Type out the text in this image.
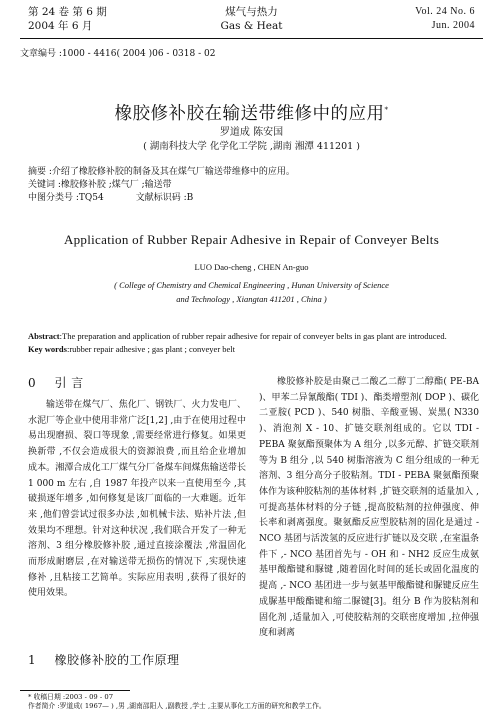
第 24 卷 第 6 期
2004 年 6 月
煤气与热力
Gas & Heat
Vol. 24 No. 6
Jun. 2004
文章编号 :1000 - 4416( 2004 )06 - 0318 - 02
橡胶修补胶在输送带维修中的应用*
罗道成 陈安国
( 湖南科技大学 化学化工学院 ,湖南 湘潭 411201 )
摘要 :介绍了橡胶修补胶的制备及其在煤气厂输送带维修中的应用。
关键词 :橡胶修补胶 ;煤气厂 ;输送带
中图分类号 :TQ54	文献标识码 :B
Application of Rubber Repair Adhesive in Repair of Conveyer Belts
LUO Dao-cheng , CHEN An-guo
( College of Chemistry and Chemical Engineering , Hunan University of Science
and Technology , Xiangtan 411201 , China )
Abstract:The preparation and application of rubber repair adhesive for repair of conveyer belts in gas plant are introduced.
Key words:rubber repair adhesive ; gas plant ; conveyer belt
0 引 言

输送带在煤气厂、焦化厂、钢铁厂、火力发电厂、水泥厂等企业中使用非常广泛[1,2] ,由于在使用过程中易出现磨损、裂口等现象 ,需要经常进行修复。如果更换新带 ,不仅会造成很大的资源浪费 ,而且给企业增加成本。湘潭合成化工厂煤气分厂备煤车间煤焦输送带长 1 000 m 左右 ,自 1987 年投产以来一直使用至今 ,其破损逐年增多 ,如何修复是该厂面临的一大难题。近年来 ,他们曾尝试过很多办法 ,如机械卡法、贴补片法 ,但效果均不理想。针对这种状况 ,我们联合开发了一种无溶剂、3 组分橡胶修补胶 ,通过直接涂覆法 ,常温固化而形成耐磨层 ,在对输送带无损伤的情况下 ,实现快速修补 ,且粘接工艺简单。实际应用表明 ,获得了很好的使用效果。

1 橡胶修补胶的工作原理

橡胶修补胶是由聚己二酸乙二醇丁二醇酯( PE-BA )、甲苯二异氰酸酯( TDI )、酯类增塑剂( DOP )、碳化二亚胺( PCD )、540 树脂、辛酸亚锡、炭黑( N330 )、消泡剂 X - 10、扩链交联剂组成的。它以 TDI - PEBA 聚氨酯预聚体为 A 组分 ,以多元醇、扩链交联剂等为 B 组分 ,以 540 树脂溶液为 C 组分组成的一种无溶剂、3 组分高分子胶粘剂。TDI - PEBA 聚氨酯预聚体作为该种胶粘剂的基体材料 ,扩链交联剂的适量加入 ,可提高基体材料的分子链 ,提高胶粘剂的拉伸强度、伸长率和剥离强度。聚氨酯反应型胶粘剂的固化是通过 - NCO 基团与活泼氢的反应进行扩链以及交联 ,在室温条件下 ,- NCO 基团首先与 - OH 和 - NH2 反应生成氨基甲酸酯键和脲键 ,随着固化时间的延长或固化温度的提高 ,- NCO 基团进一步与氨基甲酸酯键和脲键反应生成脲基甲酸酯键和缩二脲键[3]。组分 B 作为胶粘剂和固化剂 ,适量加入 ,可使胶粘剂的交联密度增加 ,拉伸强度和剥离

* 收稿日期 :2003 - 09 - 07
作者简介 :罗道成( 1967— ) ,男 ,湖南邵阳人 ,副教授 ,学士 ,主要从事化工方面的研究和教学工作。
